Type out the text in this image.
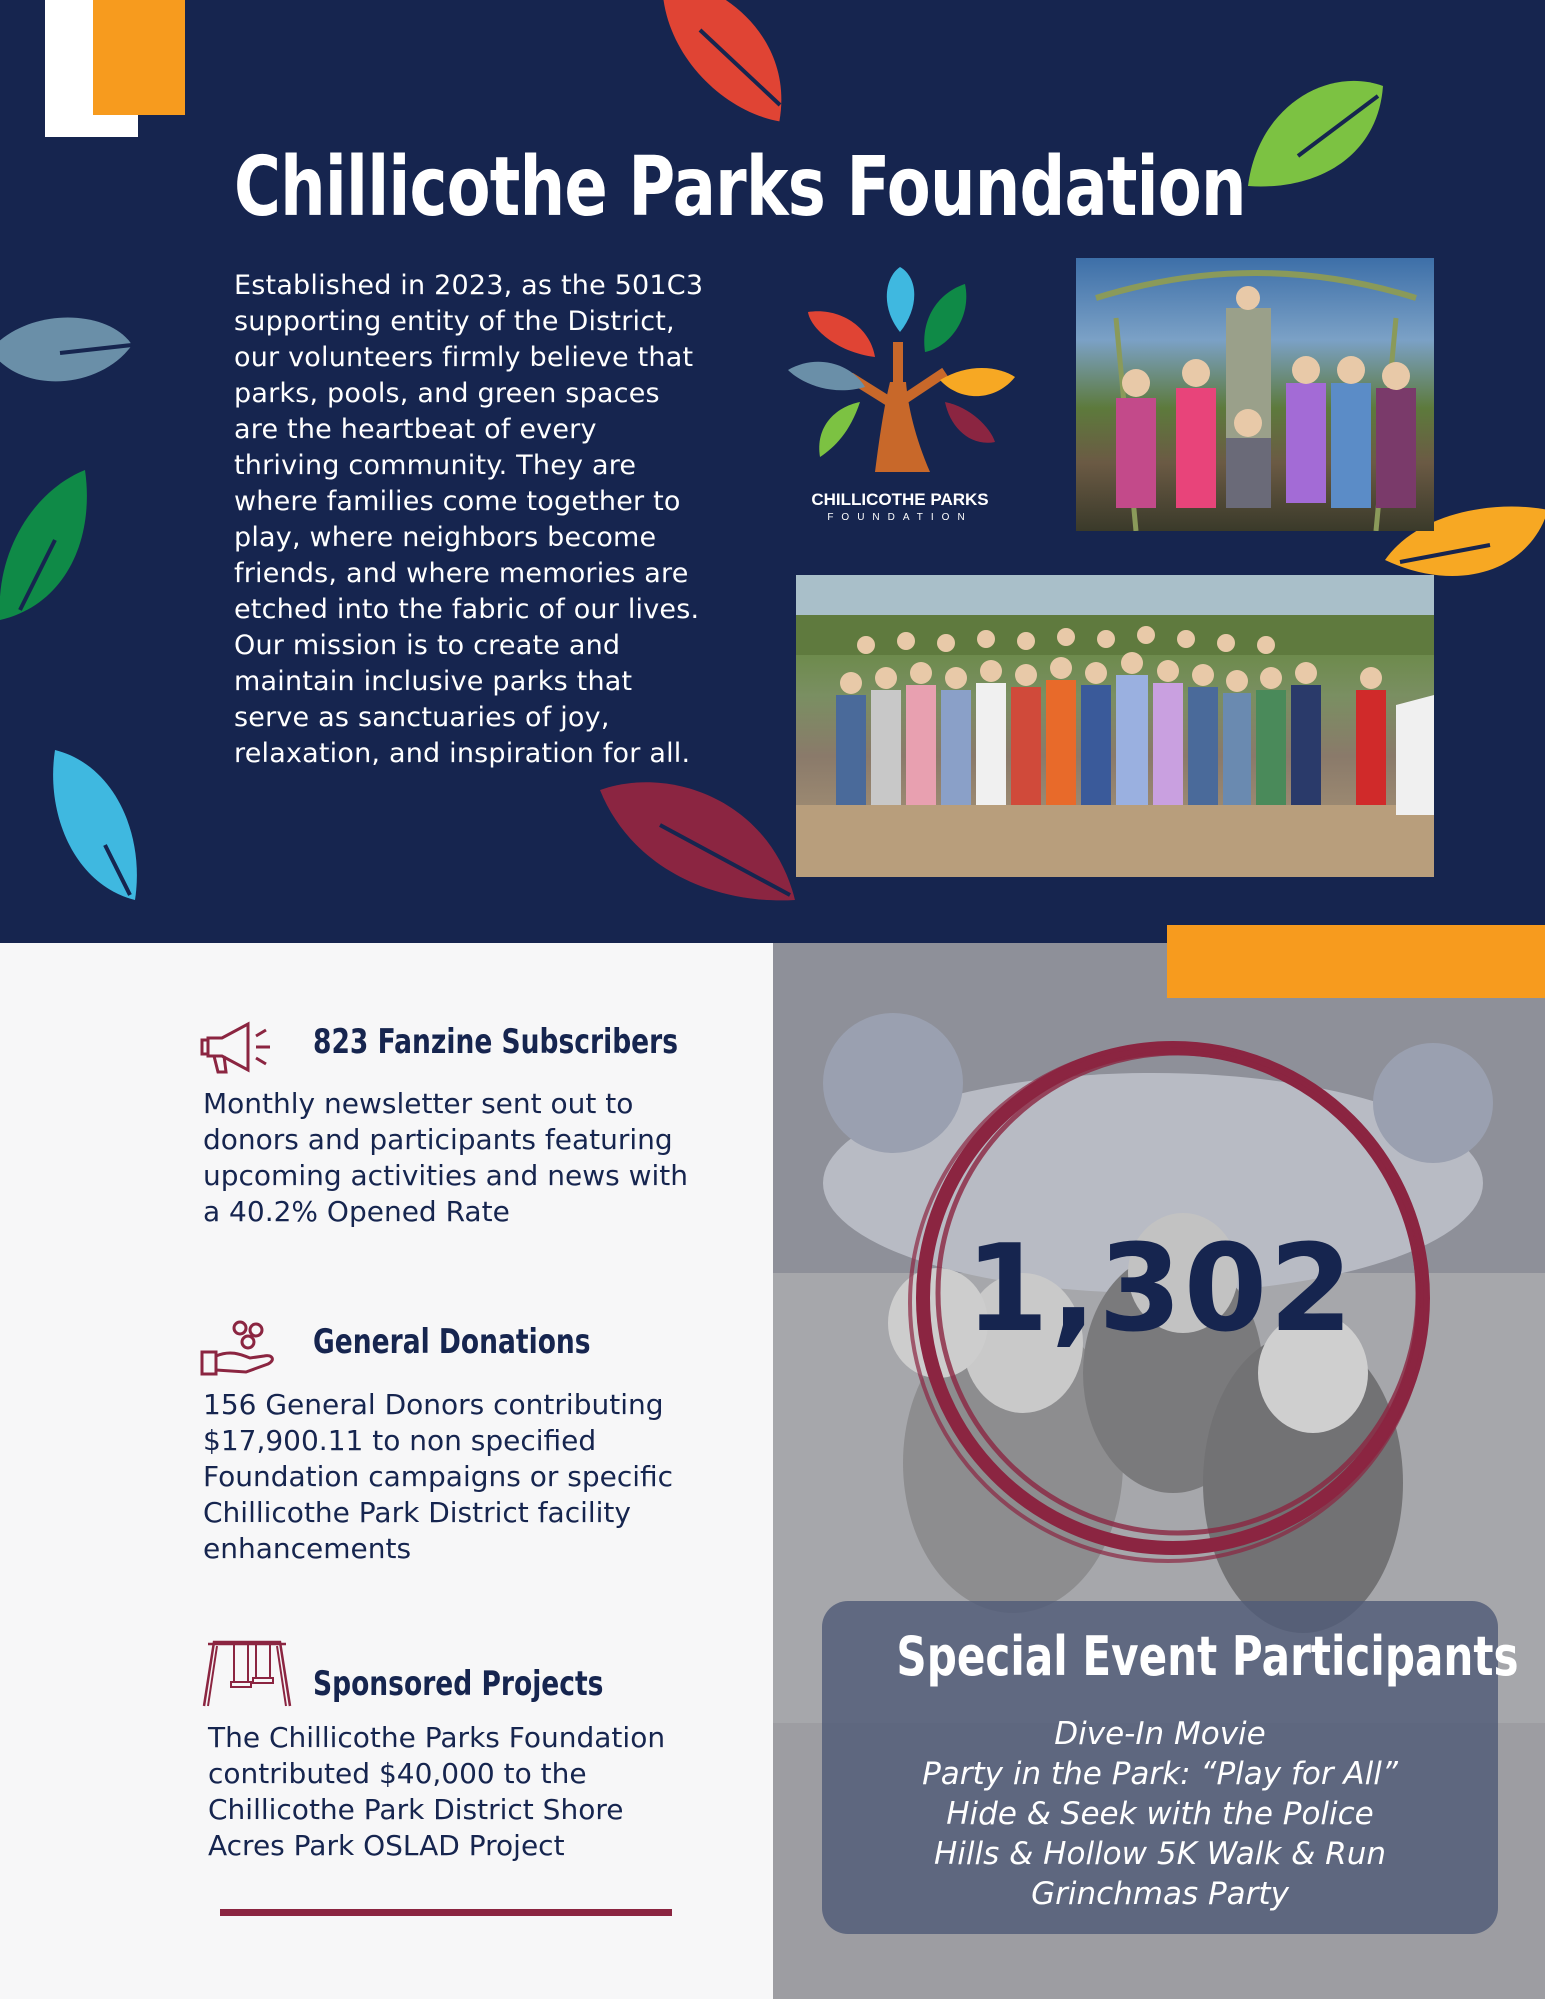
Chillicothe Parks Foundation

Established in 2023, as the 501C3 supporting entity of the District, our volunteers firmly believe that parks, pools, and green spaces are the heartbeat of every thriving community. They are where families come together to play, where neighbors become friends, and where memories are etched into the fabric of our lives. Our mission is to create and maintain inclusive parks that serve as sanctuaries of joy, relaxation, and inspiration for all.

CHILLICOTHE PARKS
FOUNDATION
1,302
Special Event Participants
Dive-In Movie
Party in the Park: “Play for All”
Hide & Seek with the Police
Hills & Hollow 5K Walk & Run
Grinchmas Party
823 Fanzine Subscribers

Monthly newsletter sent out to donors and participants featuring upcoming activities and news with a 40.2% Opened Rate

General Donations

156 General Donors contributing $17,900.11 to non specified Foundation campaigns or specific Chillicothe Park District facility enhancements

Sponsored Projects

The Chillicothe Parks Foundation contributed $40,000 to the Chillicothe Park District Shore Acres Park OSLAD Project
